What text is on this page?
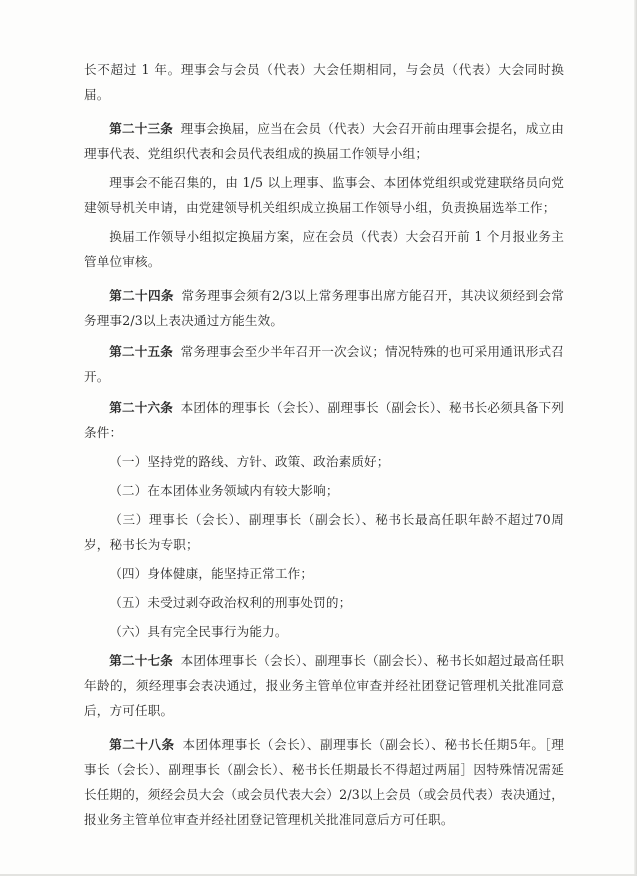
长不超过 1 年。理事会与会员（代表）大会任期相同，与会员（代表）大会同时换届。

第二十三条 理事会换届，应当在会员（代表）大会召开前由理事会提名，成立由理事代表、党组织代表和会员代表组成的换届工作领导小组；

理事会不能召集的，由 1/5 以上理事、监事会、本团体党组织或党建联络员向党建领导机关申请，由党建领导机关组织成立换届工作领导小组，负责换届选举工作；

换届工作领导小组拟定换届方案，应在会员（代表）大会召开前 1 个月报业务主管单位审核。

第二十四条 常务理事会须有2/3以上常务理事出席方能召开，其决议须经到会常务理事2/3以上表决通过方能生效。

第二十五条 常务理事会至少半年召开一次会议；情况特殊的也可采用通讯形式召开。

第二十六条 本团体的理事长（会长）、副理事长（副会长）、秘书长必须具备下列条件：

（一）坚持党的路线、方针、政策、政治素质好；

（二）在本团体业务领域内有较大影响；

（三）理事长（会长）、副理事长（副会长）、秘书长最高任职年龄不超过70周岁，秘书长为专职；

（四）身体健康，能坚持正常工作；

（五）未受过剥夺政治权利的刑事处罚的；

（六）具有完全民事行为能力。

第二十七条 本团体理事长（会长）、副理事长（副会长）、秘书长如超过最高任职年龄的，须经理事会表决通过，报业务主管单位审查并经社团登记管理机关批准同意后，方可任职。

第二十八条 本团体理事长（会长）、副理事长（副会长）、秘书长任期5年。［理事长（会长）、副理事长（副会长）、秘书长任期最长不得超过两届］因特殊情况需延长任期的，须经会员大会（或会员代表大会）2/3以上会员（或会员代表）表决通过，报业务主管单位审查并经社团登记管理机关批准同意后方可任职。
